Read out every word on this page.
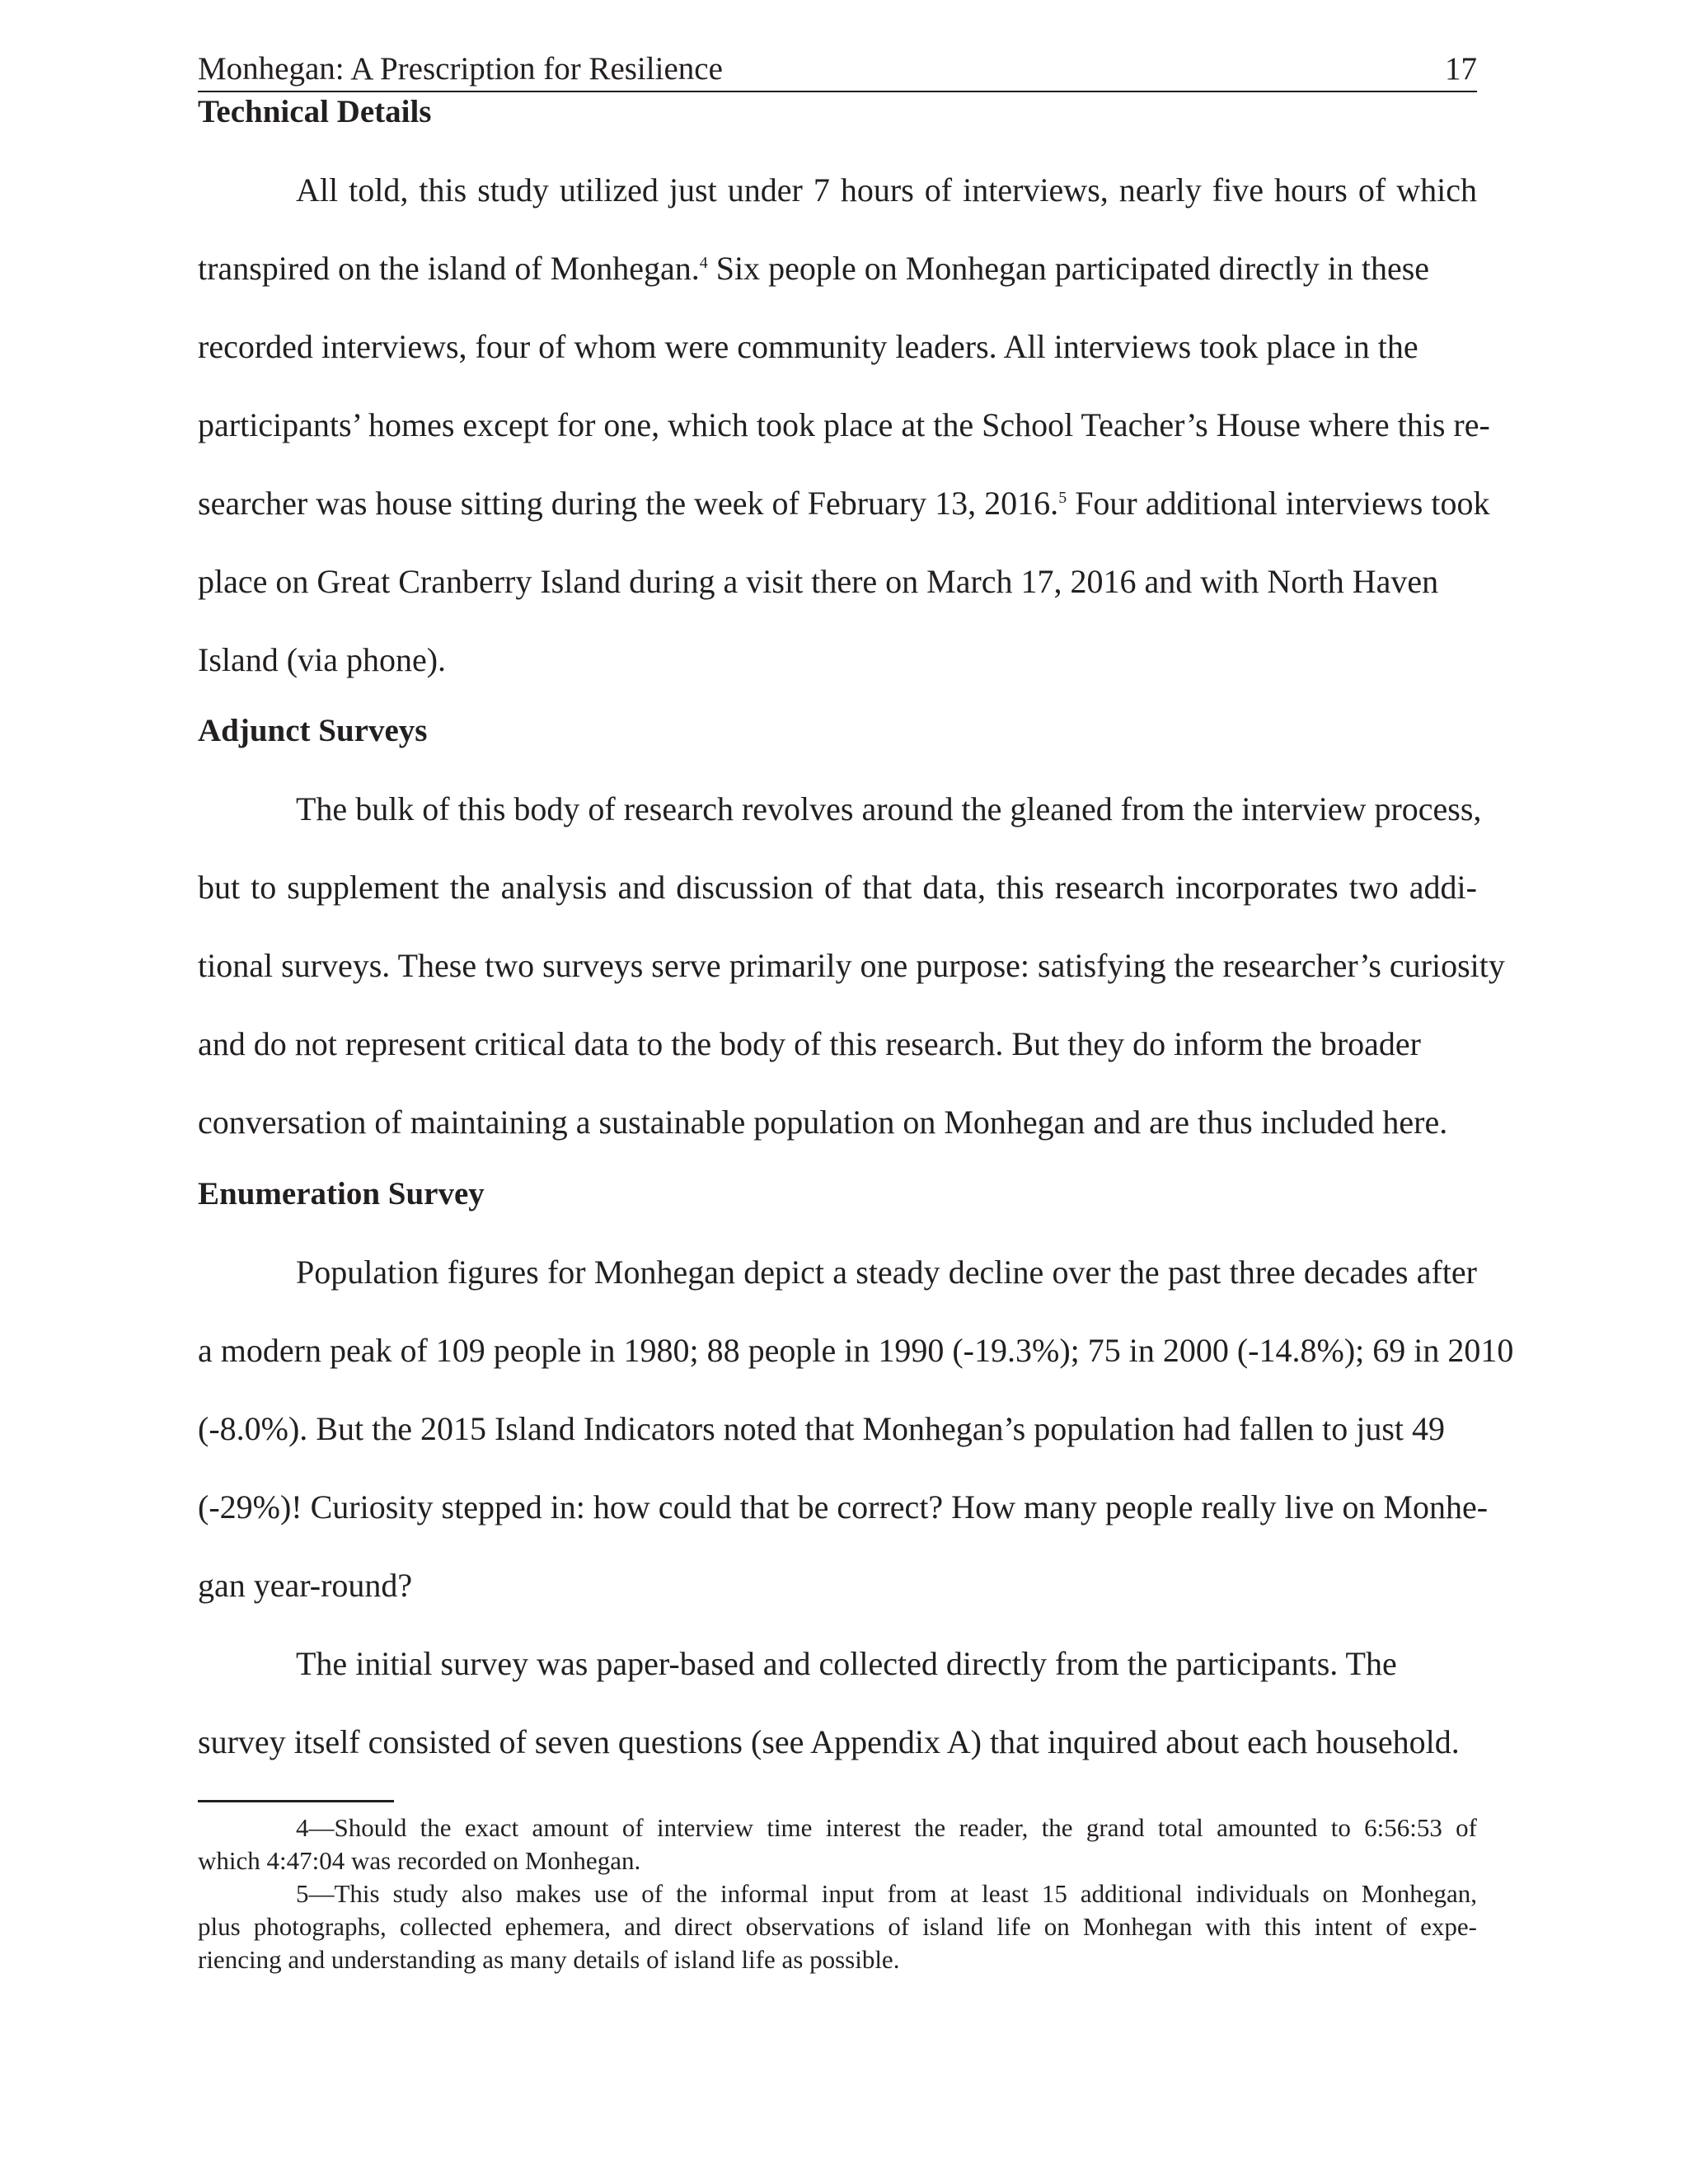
Monhegan: A Prescription for Resilience	17
Technical Details
All told, this study utilized just under 7 hours of interviews, nearly five hours of which
transpired on the island of Monhegan.$^4$ Six people on Monhegan participated directly in these
recorded interviews, four of whom were community leaders. All interviews took place in the
participants’ homes except for one, which took place at the School Teacher’s House where this re-
searcher was house sitting during the week of February 13, 2016.$^5$ Four additional interviews took
place on Great Cranberry Island during a visit there on March 17, 2016 and with North Haven
Island (via phone).
Adjunct Surveys
The bulk of this body of research revolves around the gleaned from the interview process,
but to supplement the analysis and discussion of that data, this research incorporates two addi-
tional surveys. These two surveys serve primarily one purpose: satisfying the researcher’s curiosity
and do not represent critical data to the body of this research. But they do inform the broader
conversation of maintaining a sustainable population on Monhegan and are thus included here.
Enumeration Survey
Population figures for Monhegan depict a steady decline over the past three decades after
a modern peak of 109 people in 1980; 88 people in 1990 (-19.3%); 75 in 2000 (-14.8%); 69 in 2010
(-8.0%). But the 2015 Island Indicators noted that Monhegan’s population had fallen to just 49
(-29%)! Curiosity stepped in: how could that be correct? How many people really live on Monhe-
gan year-round?
The initial survey was paper-based and collected directly from the participants. The
survey itself consisted of seven questions (see Appendix A) that inquired about each household.
4—Should the exact amount of interview time interest the reader, the grand total amounted to 6:56:53 of
which 4:47:04 was recorded on Monhegan.
5—This study also makes use of the informal input from at least 15 additional individuals on Monhegan,
plus photographs, collected ephemera, and direct observations of island life on Monhegan with this intent of expe-
riencing and understanding as many details of island life as possible.
